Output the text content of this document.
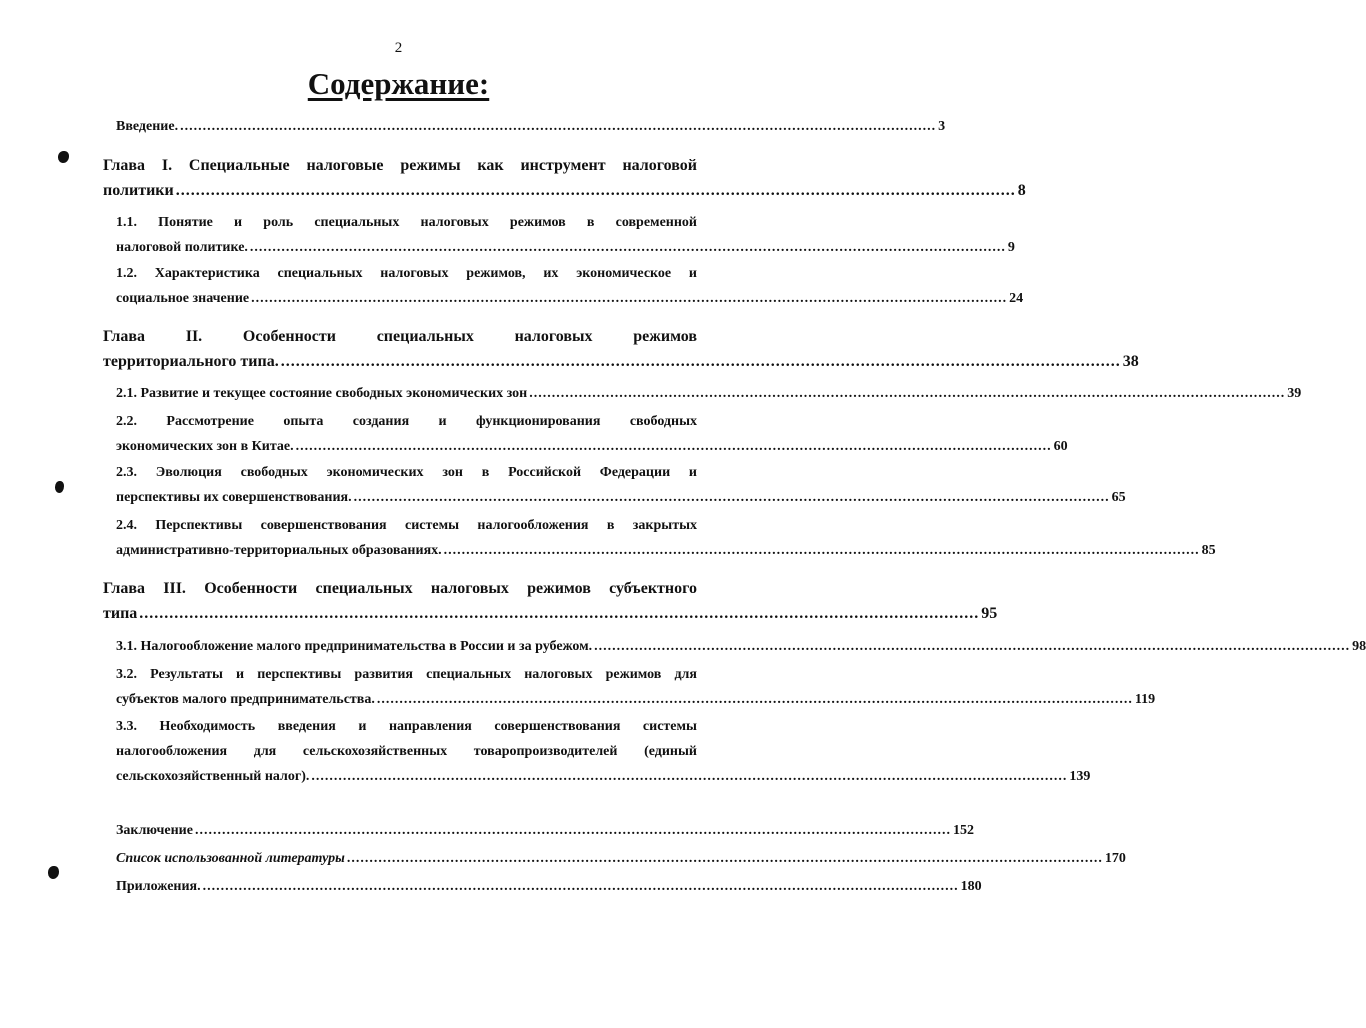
2
Содержание:
Введение. ........................................................................................................................................................................ 3
Глава I. Специальные налоговые режимы как инструмент налоговой
политики ........................................................................................................................................................................ 8
1.1. Понятие и роль специальных налоговых режимов в современной
налоговой политике. ........................................................................................................................................................................ 9
1.2. Характеристика специальных налоговых режимов, их экономическое и
социальное значение ........................................................................................................................................................................ 24
Глава II. Особенности специальных налоговых режимов
территориального типа. ........................................................................................................................................................................ 38
2.1. Развитие и текущее состояние свободных экономических зон ........................................................................................................................................................................ 39
2.2. Рассмотрение опыта создания и функционирования свободных
экономических зон в Китае. ........................................................................................................................................................................ 60
2.3. Эволюция свободных экономических зон в Российской Федерации и
перспективы их совершенствования. ........................................................................................................................................................................ 65
2.4. Перспективы совершенствования системы налогообложения в закрытых
административно-территориальных образованиях. ........................................................................................................................................................................ 85
Глава III. Особенности специальных налоговых режимов субъектного
типа ........................................................................................................................................................................ 95
3.1. Налогообложение малого предпринимательства в России и за рубежом. ........................................................................................................................................................................ 98
3.2. Результаты и перспективы развития специальных налоговых режимов для
субъектов малого предпринимательства. ........................................................................................................................................................................ 119
3.3. Необходимость введения и направления совершенствования системы
налогообложения для сельскохозяйственных товаропроизводителей (единый
сельскохозяйственный налог). ........................................................................................................................................................................ 139
Заключение ........................................................................................................................................................................ 152
Список использованной литературы ........................................................................................................................................................................ 170
Приложения. ........................................................................................................................................................................ 180
